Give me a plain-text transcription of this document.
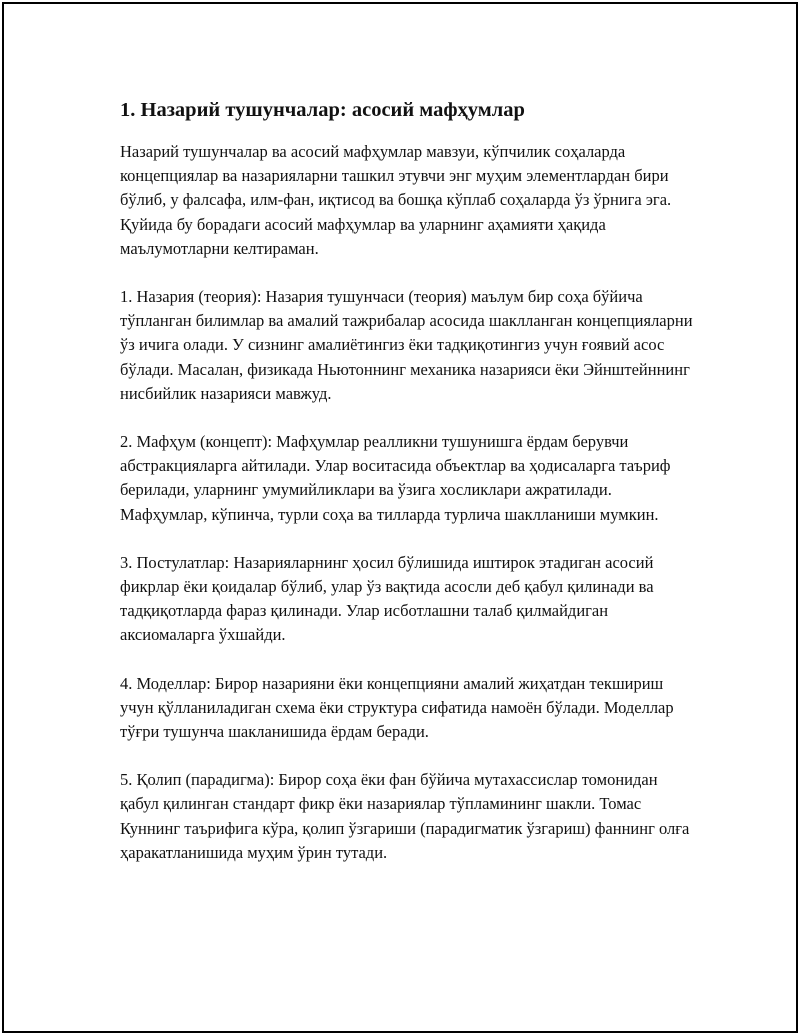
1. Назарий тушунчалар: асосий мафҳумлар

Назарий тушунчалар ва асосий мафҳумлар мавзуи, кўпчилик соҳаларда концепциялар ва назарияларни ташкил этувчи энг муҳим элементлардан бири бўлиб, у фалсафа, илм-фан, иқтисод ва бошқа кўплаб соҳаларда ўз ўрнига эга. Қуйида бу борадаги асосий мафҳумлар ва уларнинг аҳамияти ҳақида маълумотларни келтираман.

1. Назария (теория): Назария тушунчаси (теория) маълум бир соҳа бўйича тўпланган билимлар ва амалий тажрибалар асосида шаклланган концепцияларни ўз ичига олади. У сизнинг амалиётингиз ёки тадқиқотингиз учун ғоявий асос бўлади. Масалан, физикада Ньютоннинг механика назарияси ёки Эйнштейннинг нисбийлик назарияси мавжуд.

2. Мафҳум (концепт): Мафҳумлар реалликни тушунишга ёрдам берувчи абстракцияларга айтилади. Улар воситасида объектлар ва ҳодисаларга таъриф берилади, уларнинг умумийликлари ва ўзига хосликлари ажратилади. Мафҳумлар, кўпинча, турли соҳа ва тилларда турлича шаклланиши мумкин.

3. Постулатлар: Назарияларнинг ҳосил бўлишида иштирок этадиган асосий фикрлар ёки қоидалар бўлиб, улар ўз вақтида асосли деб қабул қилинади ва тадқиқотларда фараз қилинади. Улар исботлашни талаб қилмайдиган аксиомаларга ўхшайди.

4. Моделлар: Бирор назарияни ёки концепцияни амалий жиҳатдан текшириш учун қўлланиладиган схема ёки структура сифатида намоён бўлади. Моделлар тўғри тушунча шакланишида ёрдам беради.

5. Қолип (парадигма): Бирор соҳа ёки фан бўйича мутахассислар томонидан қабул қилинган стандарт фикр ёки назариялар тўпламининг шакли. Томас Куннинг таърифига кўра, қолип ўзгариши (парадигматик ўзгариш) фаннинг олға ҳаракатланишида муҳим ўрин тутади.
